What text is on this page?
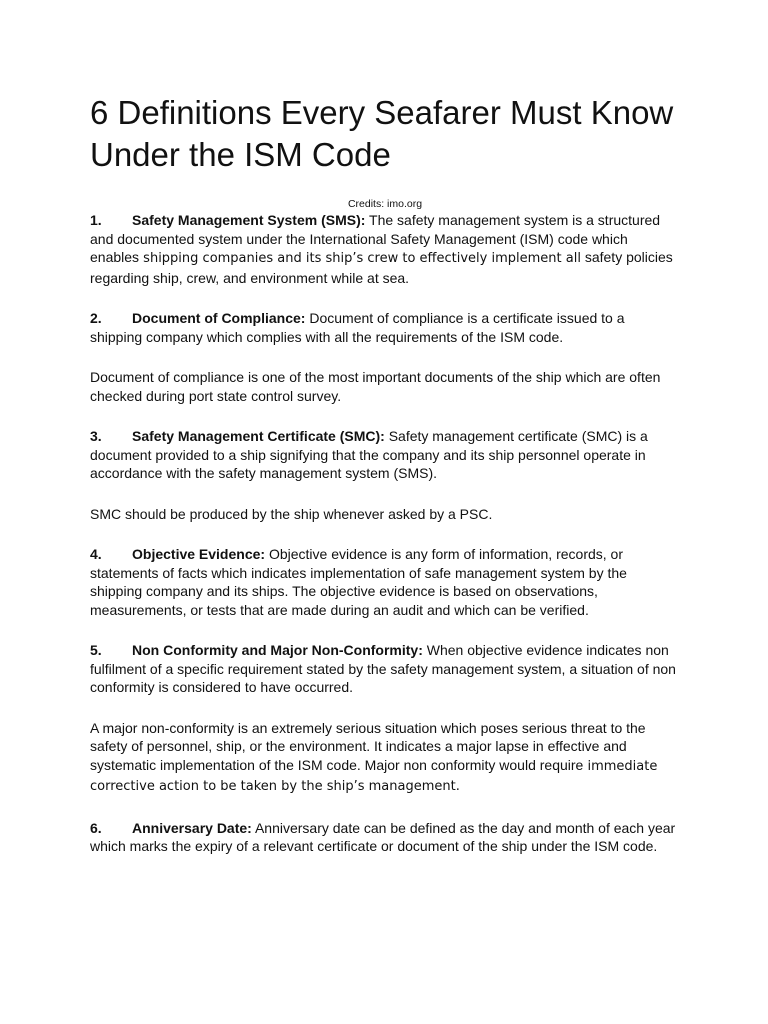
6 Definitions Every Seafarer Must Know Under the ISM Code
Credits: imo.org

1. Safety Management System (SMS): The safety management system is a structured and documented system under the International Safety Management (ISM) code which enables shipping companies and its ship’s crew to effectively implement all safety policies regarding ship, crew, and environment while at sea.

2. Document of Compliance: Document of compliance is a certificate issued to a shipping company which complies with all the requirements of the ISM code.

Document of compliance is one of the most important documents of the ship which are often checked during port state control survey.

3. Safety Management Certificate (SMC): Safety management certificate (SMC) is a document provided to a ship signifying that the company and its ship personnel operate in accordance with the safety management system (SMS).

SMC should be produced by the ship whenever asked by a PSC.

4. Objective Evidence: Objective evidence is any form of information, records, or statements of facts which indicates implementation of safe management system by the shipping company and its ships. The objective evidence is based on observations, measurements, or tests that are made during an audit and which can be verified.

5. Non Conformity and Major Non-Conformity: When objective evidence indicates non fulfilment of a specific requirement stated by the safety management system, a situation of non conformity is considered to have occurred.

A major non-conformity is an extremely serious situation which poses serious threat to the safety of personnel, ship, or the environment. It indicates a major lapse in effective and systematic implementation of the ISM code. Major non conformity would require immediate corrective action to be taken by the ship’s management.

6. Anniversary Date: Anniversary date can be defined as the day and month of each year which marks the expiry of a relevant certificate or document of the ship under the ISM code.
